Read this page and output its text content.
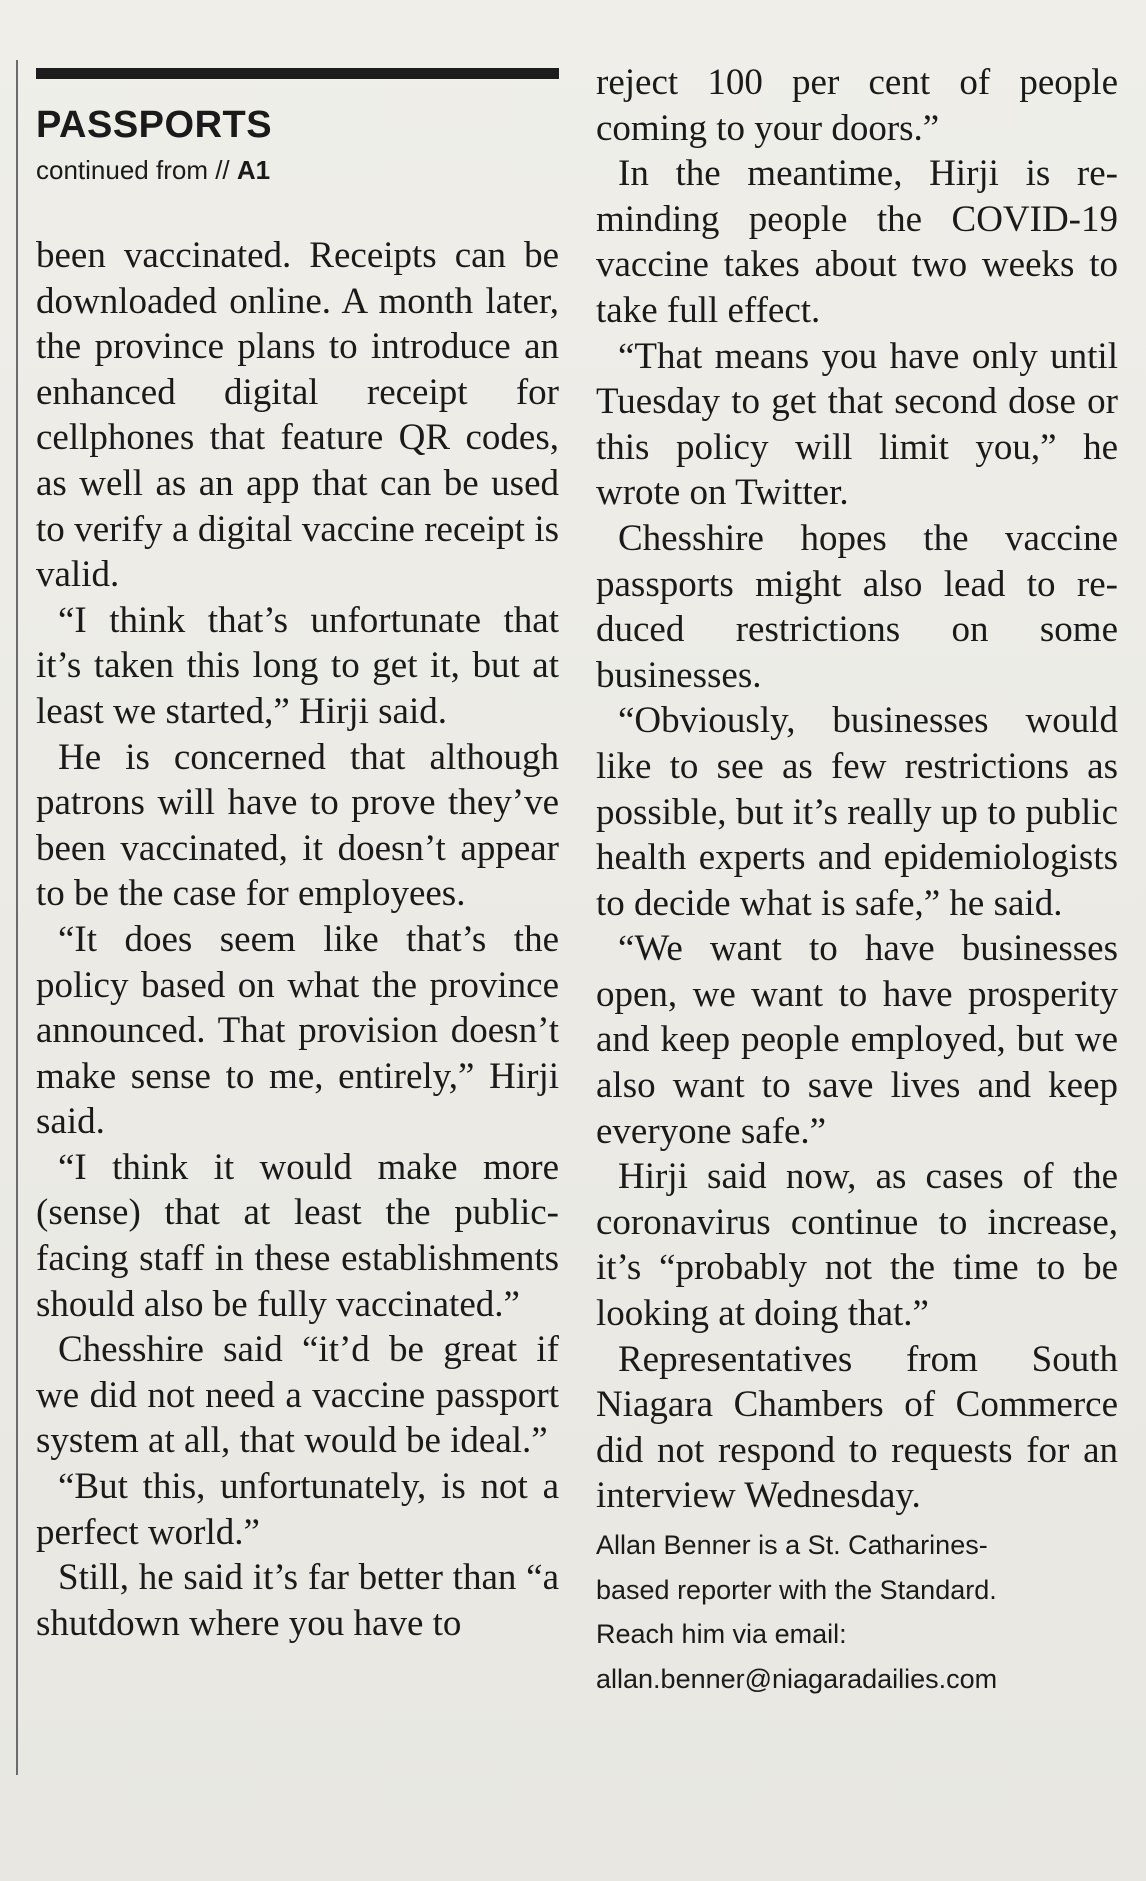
PASSPORTS
continued from // A1

been vaccinated. Receipts can be downloaded online. A month later, the province plans to introduce an enhanced digital receipt for cellphones that feature QR codes, as well as an app that can be used to verify a digital vaccine receipt is valid.

“I think that’s unfortunate that it’s taken this long to get it, but at least we started,” Hirji said.

He is concerned that although patrons will have to prove they’ve been vaccinated, it doesn’t appear to be the case for employees.

“It does seem like that’s the policy based on what the province announced. That provision doesn’t make sense to me, entirely,” Hirji said.

“I think it would make more (sense) that at least the public-facing staff in these establishments should also be fully vaccinated.”

Chesshire said “it’d be great if we did not need a vaccine passport system at all, that would be ideal.”

“But this, unfortunately, is not a perfect world.”

Still, he said it’s far better than “a shutdown where you have to

reject 100 per cent of people coming to your doors.”

In the meantime, Hirji is reminding people the COVID-19 vaccine takes about two weeks to take full effect.

“That means you have only until Tuesday to get that second dose or this policy will limit you,” he wrote on Twitter.

Chesshire hopes the vaccine passports might also lead to reduced restrictions on some businesses.

“Obviously, businesses would like to see as few restrictions as possible, but it’s really up to public health experts and epidemiologists to decide what is safe,” he said.

“We want to have businesses open, we want to have prosperity and keep people employed, but we also want to save lives and keep everyone safe.”

Hirji said now, as cases of the coronavirus continue to increase, it’s “probably not the time to be looking at doing that.”

Representatives from South Niagara Chambers of Commerce did not respond to requests for an interview Wednesday.

Allan Benner is a St. Catharines-
based reporter with the Standard.
Reach him via email:
allan.benner@niagaradailies.com
